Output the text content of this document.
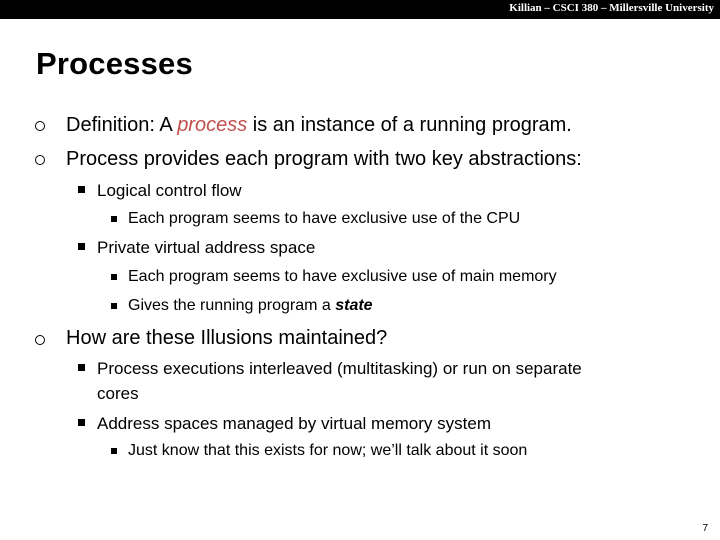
Killian – CSCI 380 – Millersville University
Processes
Definition: A process is an instance of a running program.
Process provides each program with two key abstractions:
Logical control flow
Each program seems to have exclusive use of the CPU
Private virtual address space
Each program seems to have exclusive use of main memory
Gives the running program a state
How are these Illusions maintained?
Process executions interleaved (multitasking) or run on separate
cores
Address spaces managed by virtual memory system
Just know that this exists for now; we’ll talk about it soon
7
